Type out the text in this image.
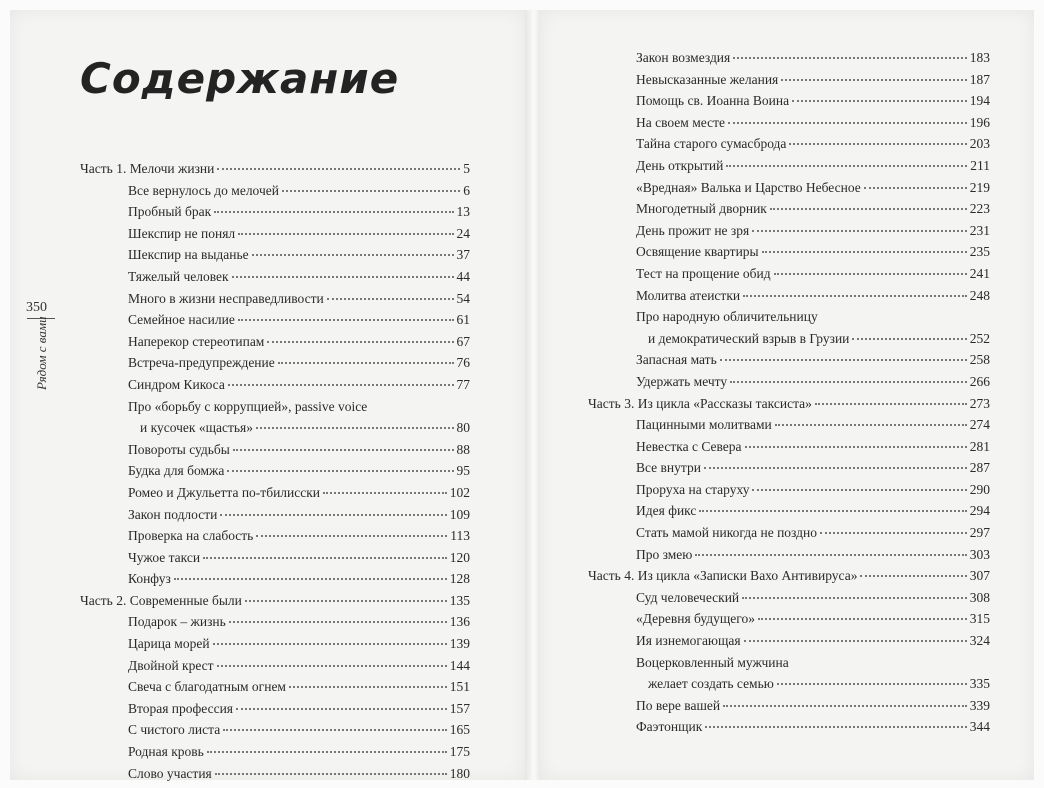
Содержание
350
Рядом с вами
Часть 1. Мелочи жизни	5
Все вернулось до мелочей	6
Пробный брак	13
Шекспир не понял	24
Шекспир на выданье	37
Тяжелый человек	44
Много в жизни несправедливости	54
Семейное насилие	61
Наперекор стереотипам	67
Встреча-предупреждение	76
Синдром Кикоса	77
Про «борьбу с коррупцией», passive voice
и кусочек «щастья»	80
Повороты судьбы	88
Будка для бомжа	95
Ромео и Джульетта по-тбилисски	102
Закон подлости	109
Проверка на слабость	113
Чужое такси	120
Конфуз	128
Часть 2. Современные были	135
Подарок – жизнь	136
Царица морей	139
Двойной крест	144
Свеча с благодатным огнем	151
Вторая профессия	157
С чистого листа	165
Родная кровь	175
Слово участия	180
Закон возмездия	183
Невысказанные желания	187
Помощь св. Иоанна Воина	194
На своем месте	196
Тайна старого сумасброда	203
День открытий	211
«Вредная» Валька и Царство Небесное	219
Многодетный дворник	223
День прожит не зря	231
Освящение квартиры	235
Тест на прощение обид	241
Молитва атеистки	248
Про народную обличительницу
и демократический взрыв в Грузии	252
Запасная мать	258
Удержать мечту	266
Часть 3. Из цикла «Рассказы таксиста»	273
Пацинными молитвами	274
Невестка с Севера	281
Все внутри	287
Проруха на старуху	290
Идея фикс	294
Стать мамой никогда не поздно	297
Про змею	303
Часть 4. Из цикла «Записки Вахо Антивируса»	307
Суд человеческий	308
«Деревня будущего»	315
Ия изнемогающая	324
Воцерковленный мужчина
желает создать семью	335
По вере вашей	339
Фаэтонщик	344
